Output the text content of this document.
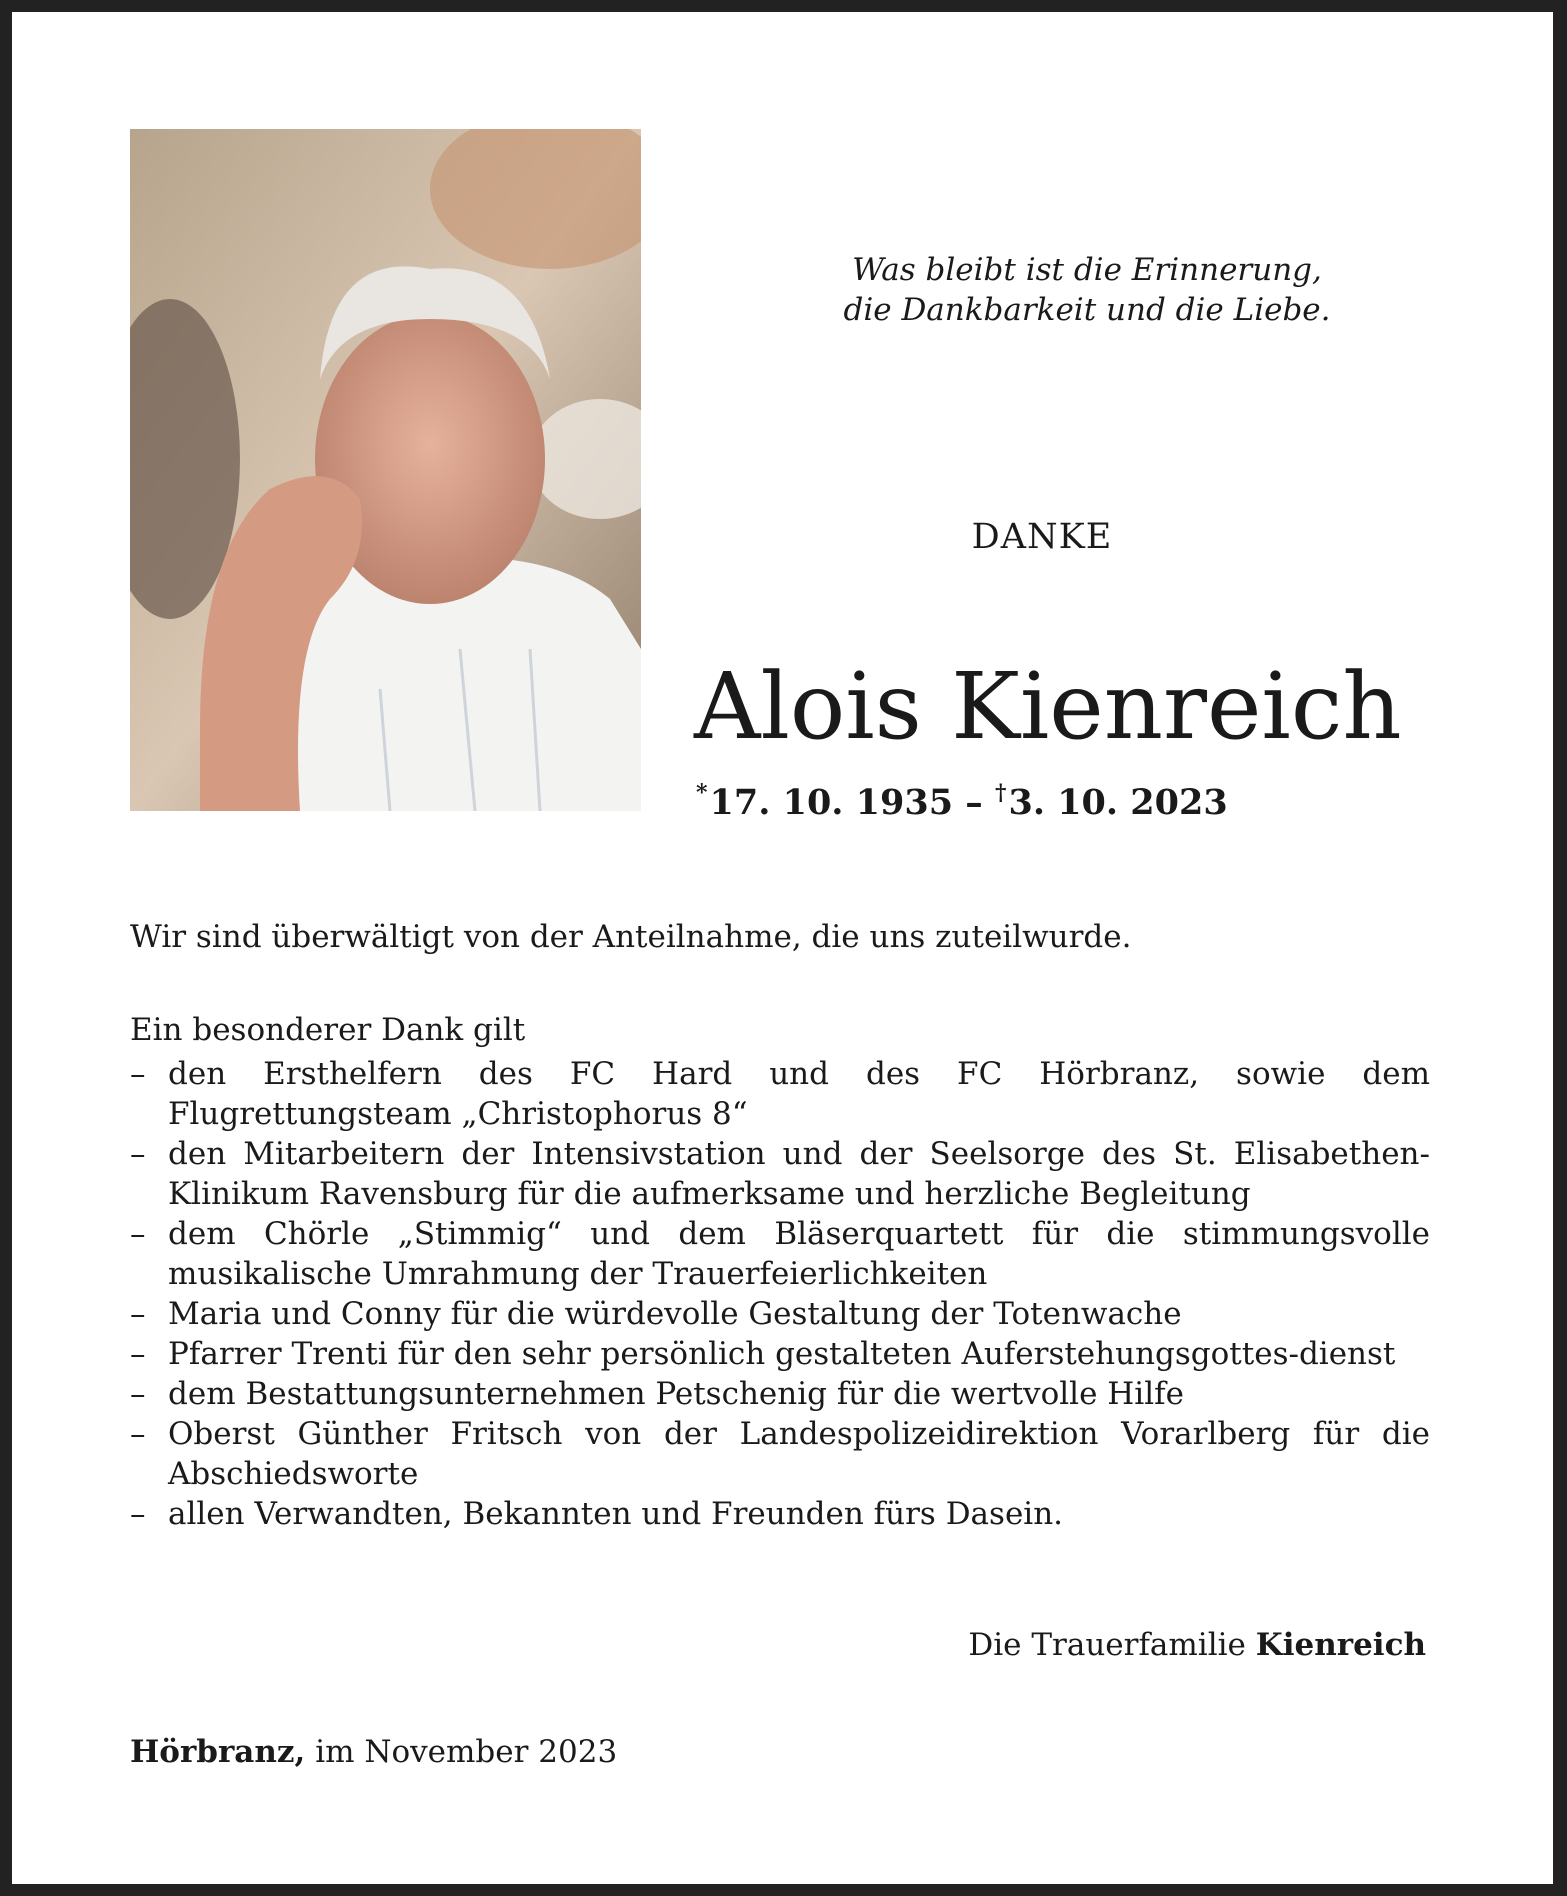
Was bleibt ist die Erinnerung,
die Dankbarkeit und die Liebe.
DANKE
Alois Kienreich
*17. 10. 1935 – †3. 10. 2023
Wir sind überwältigt von der Anteilnahme, die uns zuteilwurde.
Ein besonderer Dank gilt
– den Ersthelfern des FC Hard und des FC Hörbranz, sowie dem Flugrettungsteam „Christophorus 8“
– den Mitarbeitern der Intensivstation und der Seelsorge des St. Elisabethen-Klinikum Ravensburg für die aufmerksame und herzliche Begleitung
– dem Chörle „Stimmig“ und dem Bläserquartett für die stimmungsvolle musikalische Umrahmung der Trauerfeierlichkeiten
– Maria und Conny für die würdevolle Gestaltung der Totenwache
– Pfarrer Trenti für den sehr persönlich gestalteten Auferstehungsgottes-dienst
– dem Bestattungsunternehmen Petschenig für die wertvolle Hilfe
– Oberst Günther Fritsch von der Landespolizeidirektion Vorarlberg für die Abschiedsworte
– allen Verwandten, Bekannten und Freunden fürs Dasein.
Die Trauerfamilie Kienreich
Hörbranz, im November 2023
